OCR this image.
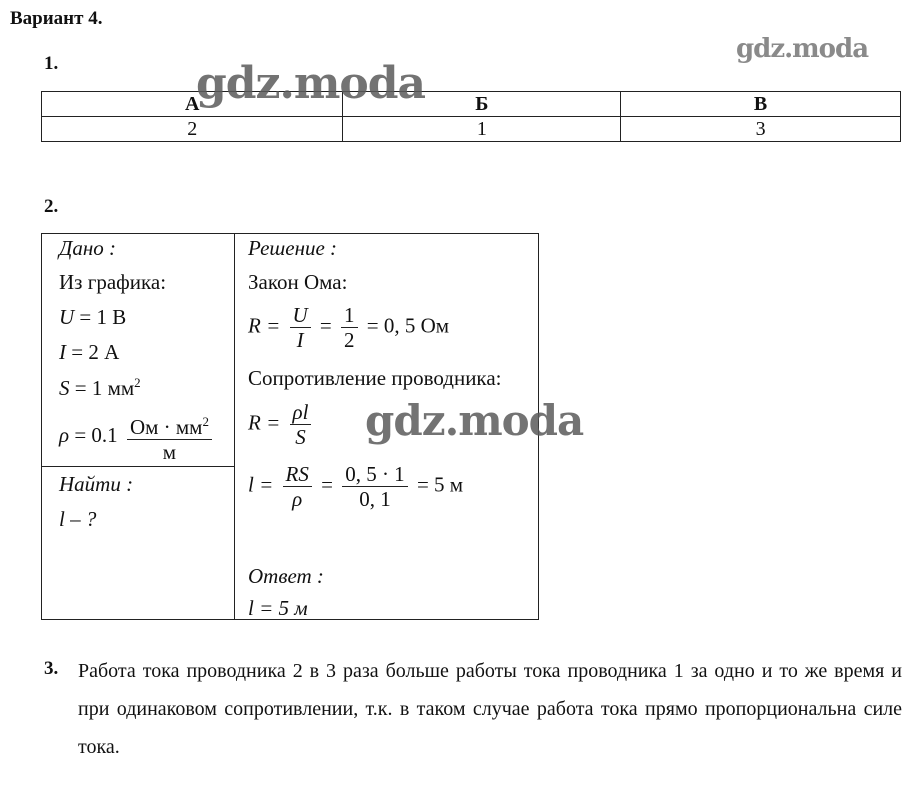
Вариант 4.
gdz.moda
1.
А	Б	В
2	1	3
gdz.moda
2.
Дано :
Из графика:
U = 1 В
I = 2 А
S = 1 $мм^2$
$\rho = 0.1 \frac{Ом \cdot мм^2}{м}$
Найти :
l – ?
Решение :
Закон Ома:
$R = \frac{U}{I} = \frac{1}{2} = 0$, 5 Ом
Сопротивление проводника:
$R = \frac{\rho l}{S}$
$l = \frac{RS}{\rho} = \frac{0, 5 \cdot 1}{0, 1} = 5$ м
Ответ :
l = 5 м
gdz.moda
3. Работа тока проводника 2 в 3 раза больше работы тока проводника 1 за одно и то же время и при одинаковом сопротивлении, т.к. в таком случае работа тока прямо пропорциональна силе тока.
